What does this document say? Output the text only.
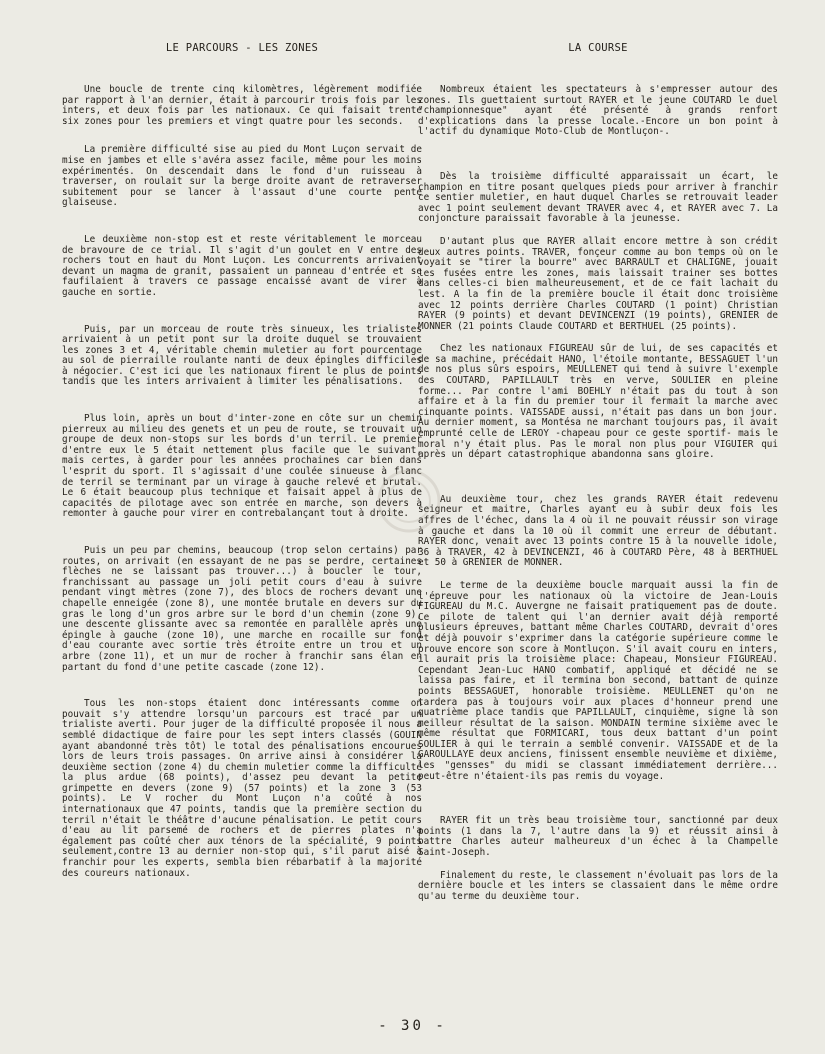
LE PARCOURS - LES ZONES

Une boucle de trente cinq kilomètres, légèrement modifiée par rapport à l'an dernier, était à parcourir trois fois par les inters, et deux fois par les nationaux. Ce qui faisait trente six zones pour les premiers et vingt quatre pour les seconds.

La première difficulté sise au pied du Mont Luçon servait de mise en jambes et elle s'avéra assez facile, même pour les moins expérimentés. On descendait dans le fond d'un ruisseau à traverser, on roulait sur la berge droite avant de retraverser subitement pour se lancer à l'assaut d'une courte pente glaiseuse.

Le deuxième non-stop est et reste véritablement le morceau de bravoure de ce trial. Il s'agit d'un goulet en V entre des rochers tout en haut du Mont Luçon. Les concurrents arrivaient devant un magma de granit, passaient un panneau d'entrée et se faufilaient à travers ce passage encaissé avant de virer à gauche en sortie.

Puis, par un morceau de route très sinueux, les trialistes arrivaient à un petit pont sur la droite duquel se trouvaient les zones 3 et 4, véritable chemin muletier au fort pourcentage au sol de pierraille roulante nanti de deux épingles difficiles à négocier. C'est ici que les nationaux firent le plus de points tandis que les inters arrivaient à limiter les pénalisations.

Plus loin, après un bout d'inter-zone en côte sur un chemin pierreux au milieu des genets et un peu de route, se trouvait un groupe de deux non-stops sur les bords d'un terril. Le premier d'entre eux le 5 était nettement plus facile que le suivant, mais certes, à garder pour les années prochaines car bien dans l'esprit du sport. Il s'agissait d'une coulée sinueuse à flanc de terril se terminant par un virage à gauche relevé et brutal. Le 6 était beaucoup plus technique et faisait appel à plus de capacités de pilotage avec son entrée en marche, son devers à remonter à gauche pour virer en contrebalançant tout à droite.

Puis un peu par chemins, beaucoup (trop selon certains) par routes, on arrivait (en essayant de ne pas se perdre, certaines flèches ne se laissant pas trouver...) à boucler le tour, franchissant au passage un joli petit cours d'eau à suivre pendant vingt mètres (zone 7), des blocs de rochers devant une chapelle enneigée (zone 8), une montée brutale en devers sur du gras le long d'un gros arbre sur le bord d'un chemin (zone 9), une descente glissante avec sa remontée en parallèle après une épingle à gauche (zone 10), une marche en rocaille sur fond d'eau courante avec sortie très étroite entre un trou et un arbre (zone 11), et un mur de rocher à franchir sans élan en partant du fond d'une petite cascade (zone 12).

Tous les non-stops étaient donc intéressants comme on pouvait s'y attendre lorsqu'un parcours est tracé par un trialiste averti. Pour juger de la difficulté proposée il nous a semblé didactique de faire pour les sept inters classés (GOUIN ayant abandonné très tôt) le total des pénalisations encourues lors de leurs trois passages. On arrive ainsi à considérer la deuxième section (zone 4) du chemin muletier comme la difficulté la plus ardue (68 points), d'assez peu devant la petite grimpette en devers (zone 9) (57 points) et la zone 3 (53 points). Le V rocher du Mont Luçon n'a coûté à nos internationaux que 47 points, tandis que la première section du terril n'était le théâtre d'aucune pénalisation. Le petit cours d'eau au lit parsemé de rochers et de pierres plates n'a également pas coûté cher aux ténors de la spécialité, 9 points seulement,contre 13 au dernier non-stop qui, s'il parut aisé à franchir pour les experts, sembla bien rébarbatif à la majorité des coureurs nationaux.

LA COURSE

Nombreux étaient les spectateurs à s'empresser autour des zones. Ils guettaient surtout RAYER et le jeune COUTARD le duel "championnesque" ayant été présenté à grands renfort d'explications dans la presse locale.-Encore un bon point à l'actif du dynamique Moto-Club de Montluçon-.

Dès la troisième difficulté apparaissait un écart, le champion en titre posant quelques pieds pour arriver à franchir ce sentier muletier, en haut duquel Charles se retrouvait leader avec 1 point seulement devant TRAVER avec 4, et RAYER avec 7. La conjoncture paraissait favorable à la jeunesse.

D'autant plus que RAYER allait encore mettre à son crédit deux autres points. TRAVER, fonçeur comme au bon temps où on le voyait se "tirer la bourre" avec BARRAULT et CHALIGNE, jouait les fusées entre les zones, mais laissait trainer ses bottes dans celles-ci bien malheureusement, et de ce fait lachait du lest. A la fin de la première boucle il était donc troisième avec 12 points derrière Charles COUTARD (1 point) Christian RAYER (9 points) et devant DEVINCENZI (19 points), GRENIER de MONNER (21 points Claude COUTARD et BERTHUEL (25 points).

Chez les nationaux FIGUREAU sûr de lui, de ses capacités et de sa machine, précédait HANO, l'étoile montante, BESSAGUET l'un de nos plus sûrs espoirs, MEULLENET qui tend à suivre l'exemple des COUTARD, PAPILLAULT très en verve, SOULIER en pleine forme... Par contre l'ami BOEHLY n'était pas du tout à son affaire et à la fin du premier tour il fermait la marche avec cinquante points. VAISSADE aussi, n'était pas dans un bon jour. Au dernier moment, sa Montésa ne marchant toujours pas, il avait emprunté celle de LEROY -chapeau pour ce geste sportif- mais le moral n'y était plus. Pas le moral non plus pour VIGUIER qui après un départ catastrophique abandonna sans gloire.

Au deuxième tour, chez les grands RAYER était redevenu seigneur et maitre, Charles ayant eu à subir deux fois les affres de l'échec, dans la 4 où il ne pouvait réussir son virage à gauche et dans la 10 où il commit une erreur de débutant. RAYER donc, venait avec 13 points contre 15 à la nouvelle idole, 36 à TRAVER, 42 à DEVINCENZI, 46 à COUTARD Père, 48 à BERTHUEL et 50 à GRENIER de MONNER.

Le terme de la deuxième boucle marquait aussi la fin de l'épreuve pour les nationaux où la victoire de Jean-Louis FIGUREAU du M.C. Auvergne ne faisait pratiquement pas de doute. Ce pilote de talent qui l'an dernier avait déjà remporté plusieurs épreuves, battant même Charles COUTARD, devrait d'ores et déjà pouvoir s'exprimer dans la catégorie supérieure comme le prouve encore son score à Montluçon. S'il avait couru en inters, il aurait pris la troisième place: Chapeau, Monsieur FIGUREAU. Cependant Jean-Luc HANO combatif, appliqué et décidé ne se laissa pas faire, et il termina bon second, battant de quinze points BESSAGUET, honorable troisième. MEULLENET qu'on ne tardera pas à toujours voir aux places d'honneur prend une quatrième place tandis que PAPILLAULT, cinquième, signe là son meilleur résultat de la saison. MONDAIN termine sixième avec le même résultat que FORMICARI, tous deux battant d'un point SOULIER à qui le terrain a semblé convenir. VAISSADE et de la GAROULLAYE deux anciens, finissent ensemble neuvième et dixième, les "gensses" du midi se classant immédiatement derrière... peut-être n'étaient-ils pas remis du voyage.

RAYER fit un très beau troisième tour, sanctionné par deux points (1 dans la 7, l'autre dans la 9) et réussit ainsi à battre Charles auteur malheureux d'un échec à la Champelle Saint-Joseph.

Finalement du reste, le classement n'évoluait pas lors de la dernière boucle et les inters se classaient dans le même ordre qu'au terme du deuxième tour.

- 30 -
